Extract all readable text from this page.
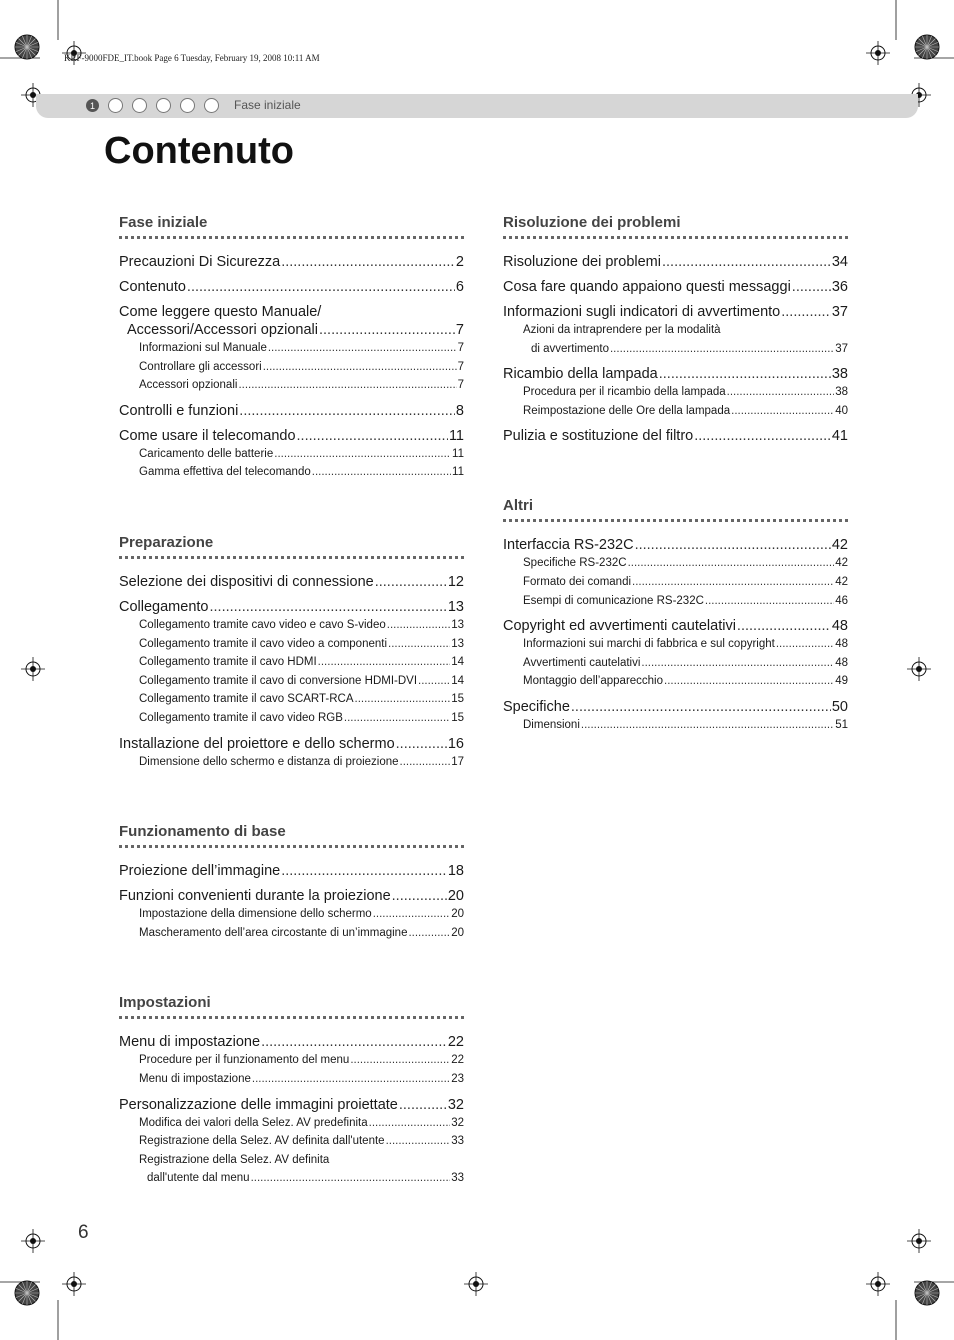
KRF-9000FDE_IT.book Page 6 Tuesday, February 19, 2008 10:11 AM
1	Fase iniziale
Contenuto
Fase iniziale
Precauzioni Di Sicurezza .....	2
Contenuto .....	6
Come leggere questo Manuale/
Accessori/Accessori opzionali .....	7
Informazioni sul Manuale .....	7
Controllare gli accessori .....	7
Accessori opzionali .....	7
Controlli e funzioni .....	8
Come usare il telecomando .....	11
Caricamento delle batterie .....	11
Gamma effettiva del telecomando .....	11
Preparazione
Selezione dei dispositivi di connessione .....	12
Collegamento .....	13
Collegamento tramite cavo video e cavo S-video .....	13
Collegamento tramite il cavo video a componenti .....	13
Collegamento tramite il cavo HDMI .....	14
Collegamento tramite il cavo di conversione HDMI-DVI .....	14
Collegamento tramite il cavo SCART-RCA .....	15
Collegamento tramite il cavo video RGB .....	15
Installazione del proiettore e dello schermo .....	16
Dimensione dello schermo e distanza di proiezione .....	17
Funzionamento di base
Proiezione dell’immagine .....	18
Funzioni convenienti durante la proiezione .....	20
Impostazione della dimensione dello schermo .....	20
Mascheramento dell’area circostante di un’immagine .....	20
Impostazioni
Menu di impostazione .....	22
Procedure per il funzionamento del menu .....	22
Menu di impostazione .....	23
Personalizzazione delle immagini proiettate .....	32
Modifica dei valori della Selez. AV predefinita .....	32
Registrazione della Selez. AV definita dall'utente .....	33
Registrazione della Selez. AV definita
dall'utente dal menu .....	33
Risoluzione dei problemi
Risoluzione dei problemi .....	34
Cosa fare quando appaiono questi messaggi .....	36
Informazioni sugli indicatori di avvertimento .....	37
Azioni da intraprendere per la modalità
di avvertimento .....	37
Ricambio della lampada .....	38
Procedura per il ricambio della lampada .....	38
Reimpostazione delle Ore della lampada .....	40
Pulizia e sostituzione del filtro .....	41
Altri
Interfaccia RS-232C .....	42
Specifiche RS-232C .....	42
Formato dei comandi .....	42
Esempi di comunicazione RS-232C .....	46
Copyright ed avvertimenti cautelativi .....	48
Informazioni sui marchi di fabbrica e sul copyright .....	48
Avvertimenti cautelativi .....	48
Montaggio dell’apparecchio .....	49
Specifiche .....	50
Dimensioni .....	51
6
